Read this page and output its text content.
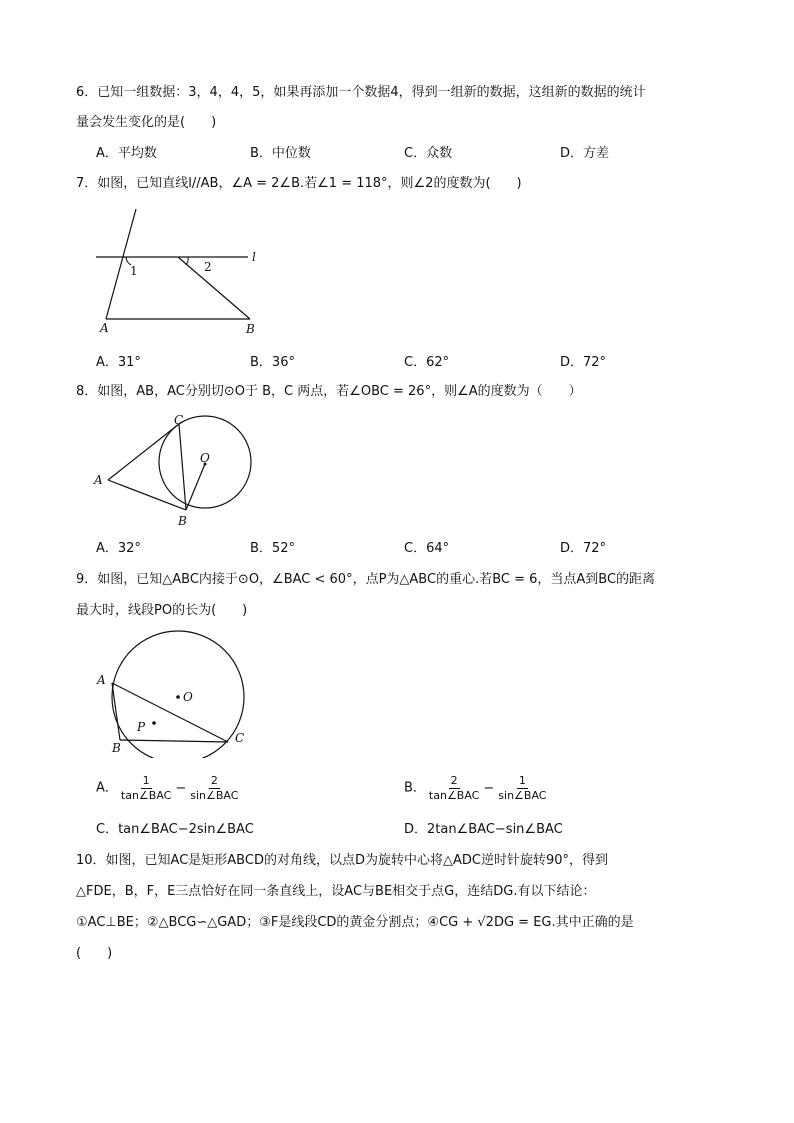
6．已知一组数据：3，4，4，5，如果再添加一个数据4，得到一组新的数据，这组新的数据的统计
量会发生变化的是(　　)
A．平均数	B．中位数	C．众数	D．方差
7．如图，已知直线l//AB，∠A = 2∠B.若∠1 = 118°，则∠2的度数为(　　)
l
1	2
A	B
A．31°	B．36°	C．62°	D．72°
8．如图，AB，AC分别切⊙O于 B，C 两点，若∠OBC = 26°，则∠A的度数为（　　）
A
C
O
B
A．32°	B．52°	C．64°	D．72°
9．如图，已知△ABC内接于⊙O，∠BAC < 60°，点P为△ABC的重心.若BC = 6，当点A到BC的距离
最大时，线段PO的长为(　　)
A
O
P
B
C
A． $\frac{1}{\text{tan∠BAC}} - \frac{2}{\text{sin∠BAC}}$	B． $\frac{2}{\text{tan∠BAC}} - \frac{1}{\text{sin∠BAC}}$
C．tan∠BAC−2sin∠BAC	D．2tan∠BAC−sin∠BAC
10．如图，已知AC是矩形ABCD的对角线，以点D为旋转中心将△ADC逆时针旋转90°，得到
△FDE，B，F，E三点恰好在同一条直线上，设AC与BE相交于点G，连结DG.有以下结论：
①AC⊥BE；②△BCG∽△GAD；③F是线段CD的黄金分割点；④CG + √2DG = EG.其中正确的是
(　　)
